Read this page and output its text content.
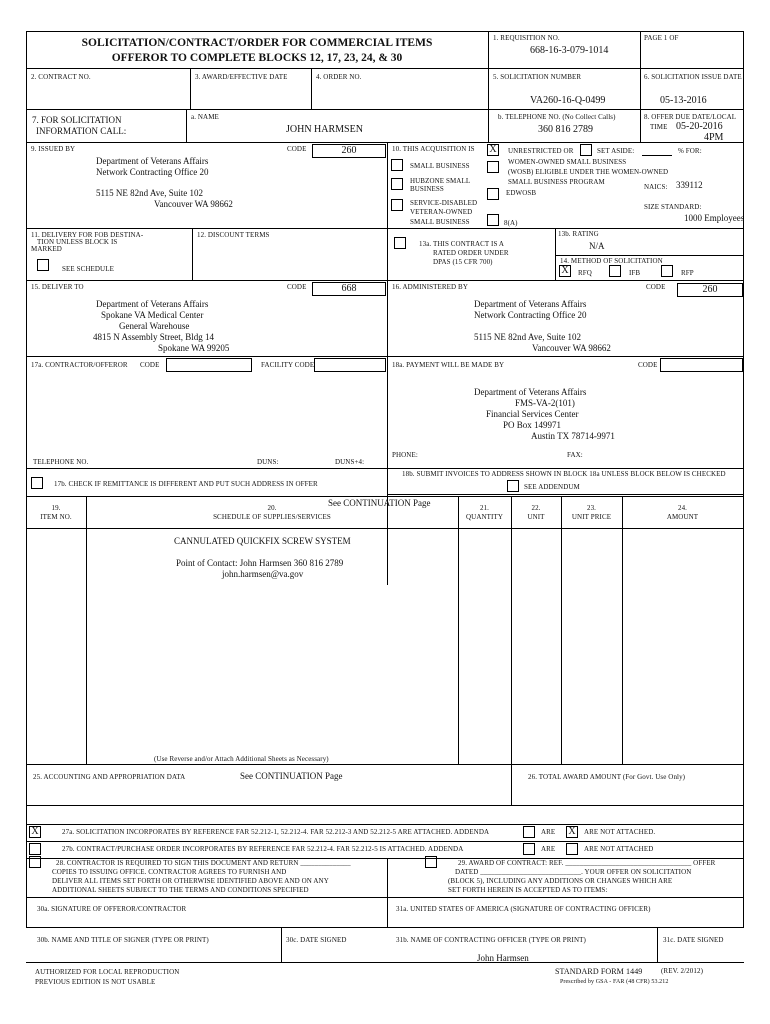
SOLICITATION/CONTRACT/ORDER FOR COMMERCIAL ITEMS
OFFEROR TO COMPLETE BLOCKS 12, 17, 23, 24, & 30
1. REQUISITION NO.
668-16-3-079-1014
PAGE 1 OF
2. CONTRACT NO.	3. AWARD/EFFECTIVE DATE	4. ORDER NO.	5. SOLICITATION NUMBER
VA260-16-Q-0499
6. SOLICITATION ISSUE DATE
05-13-2016
7. FOR SOLICITATION
INFORMATION CALL:
a. NAME
JOHN HARMSEN
b. TELEPHONE NO. (No Collect Calls)
360 816 2789
8. OFFER DUE DATE/LOCAL
TIME 05-20-2016
4PM
9. ISSUED BY	CODE	260
Department of Veterans Affairs
Network Contracting Office 20
5115 NE 82nd Ave, Suite 102
Vancouver WA 98662
10. THIS ACQUISITION IS X	UNRESTRICTED OR	SET ASIDE:	% FOR:
SMALL BUSINESS	WOMEN-OWNED SMALL BUSINESS
(WOSB) ELIGIBLE UNDER THE WOMEN-OWNED
SMALL BUSINESS PROGRAM
HUBZONE SMALL
BUSINESS	EDWOSB
NAICS: 339112
SERVICE-DISABLED
VETERAN-OWNED
SMALL BUSINESS	8(A)
SIZE STANDARD:
1000 Employees
11. DELIVERY FOR FOB DESTINA-
TION UNLESS BLOCK IS
MARKED
SEE SCHEDULE
12. DISCOUNT TERMS
13a. THIS CONTRACT IS A
RATED ORDER UNDER
DPAS (15 CFR 700)
13b. RATING
N/A
14. METHOD OF SOLICITATION
X	RFQ	IFB	RFP
15. DELIVER TO	CODE	668
Department of Veterans Affairs
Spokane VA Medical Center
General Warehouse
4815 N Assembly Street, Bldg 14
Spokane WA 99205
16. ADMINISTERED BY	CODE	260
Department of Veterans Affairs
Network Contracting Office 20
5115 NE 82nd Ave, Suite 102
Vancouver WA 98662
17a. CONTRACTOR/OFFEROR CODE	FACILITY CODE
TELEPHONE NO.	DUNS:	DUNS+4:
17b. CHECK IF REMITTANCE IS DIFFERENT AND PUT SUCH ADDRESS IN OFFER
18a. PAYMENT WILL BE MADE BY	CODE
Department of Veterans Affairs
FMS-VA-2(101)
Financial Services Center
PO Box 149971
Austin TX 78714-9971
PHONE:	FAX:
18b. SUBMIT INVOICES TO ADDRESS SHOWN IN BLOCK 18a UNLESS BLOCK BELOW IS CHECKED
SEE ADDENDUM
19.
ITEM NO.
20.
SCHEDULE OF SUPPLIES/SERVICES
See CONTINUATION Page	21.
QUANTITY
22.
UNIT
23.
UNIT PRICE
24.
AMOUNT
CANNULATED QUICKFIX SCREW SYSTEM
Point of Contact: John Harmsen 360 816 2789
john.harmsen@va.gov
(Use Reverse and/or Attach Additional Sheets as Necessary)
25. ACCOUNTING AND APPROPRIATION DATA	See CONTINUATION Page	26. TOTAL AWARD AMOUNT (For Govt. Use Only)
X	27a. SOLICITATION INCORPORATES BY REFERENCE FAR 52.212-1, 52.212-4. FAR 52.212-3 AND 52.212-5 ARE ATTACHED. ADDENDA	ARE X	ARE NOT ATTACHED.
27b. CONTRACT/PURCHASE ORDER INCORPORATES BY REFERENCE FAR 52.212-4. FAR 52.212-5 IS ATTACHED. ADDENDA	ARE	ARE NOT ATTACHED
28. CONTRACTOR IS REQUIRED TO SIGN THIS DOCUMENT AND RETURN ______________
COPIES TO ISSUING OFFICE. CONTRACTOR AGREES TO FURNISH AND
DELIVER ALL ITEMS SET FORTH OR OTHERWISE IDENTIFIED ABOVE AND ON ANY
ADDITIONAL SHEETS SUBJECT TO THE TERMS AND CONDITIONS SPECIFIED
29. AWARD OF CONTRACT: REF. ___________________________________ OFFER
DATED ____________________________. YOUR OFFER ON SOLICITATION
(BLOCK 5), INCLUDING ANY ADDITIONS OR CHANGES WHICH ARE
SET FORTH HEREIN IS ACCEPTED AS TO ITEMS:
30a. SIGNATURE OF OFFEROR/CONTRACTOR	31a. UNITED STATES OF AMERICA (SIGNATURE OF CONTRACTING OFFICER)
30b. NAME AND TITLE OF SIGNER (TYPE OR PRINT)	30c. DATE SIGNED	31b. NAME OF CONTRACTING OFFICER (TYPE OR PRINT)
John Harmsen
31c. DATE SIGNED
AUTHORIZED FOR LOCAL REPRODUCTION
PREVIOUS EDITION IS NOT USABLE
STANDARD FORM 1449	(REV. 2/2012)
Prescribed by GSA - FAR (48 CFR) 53.212
